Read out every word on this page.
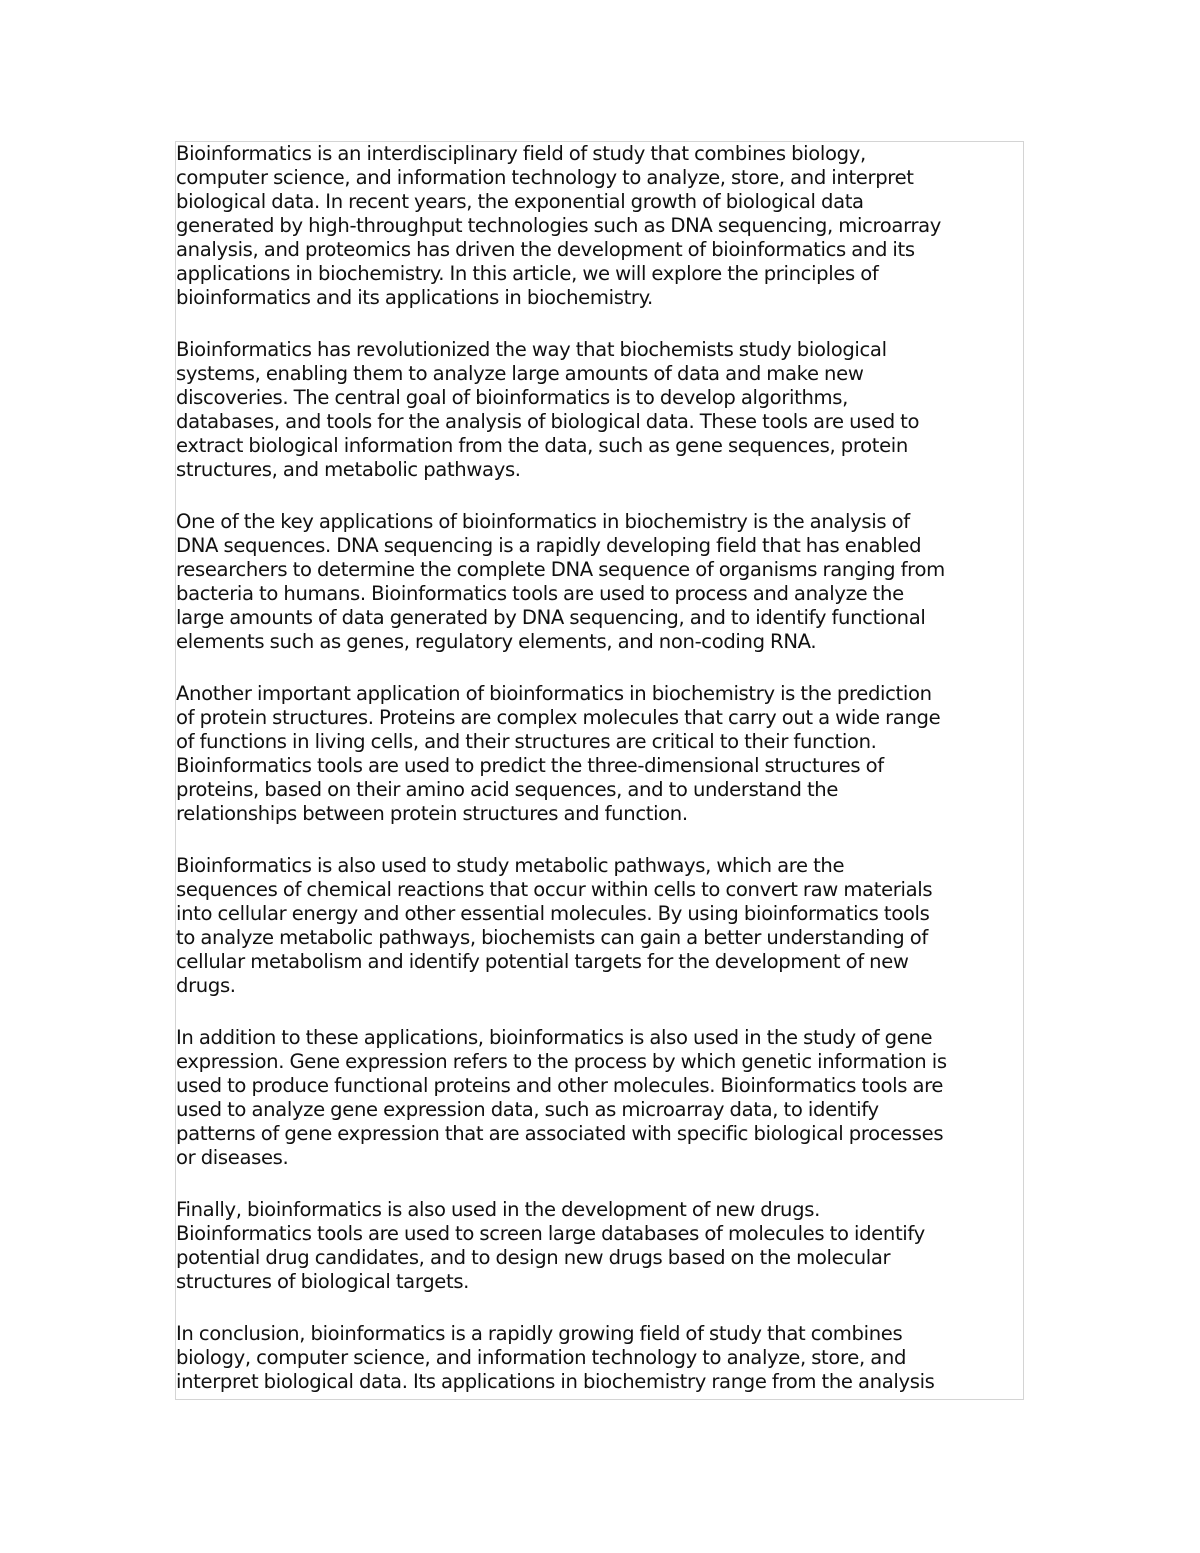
Bioinformatics is an interdisciplinary field of study that combines biology,
computer science, and information technology to analyze, store, and interpret
biological data. In recent years, the exponential growth of biological data
generated by high-throughput technologies such as DNA sequencing, microarray
analysis, and proteomics has driven the development of bioinformatics and its
applications in biochemistry. In this article, we will explore the principles of
bioinformatics and its applications in biochemistry.

Bioinformatics has revolutionized the way that biochemists study biological
systems, enabling them to analyze large amounts of data and make new
discoveries. The central goal of bioinformatics is to develop algorithms,
databases, and tools for the analysis of biological data. These tools are used to
extract biological information from the data, such as gene sequences, protein
structures, and metabolic pathways.

One of the key applications of bioinformatics in biochemistry is the analysis of
DNA sequences. DNA sequencing is a rapidly developing field that has enabled
researchers to determine the complete DNA sequence of organisms ranging from
bacteria to humans. Bioinformatics tools are used to process and analyze the
large amounts of data generated by DNA sequencing, and to identify functional
elements such as genes, regulatory elements, and non-coding RNA.

Another important application of bioinformatics in biochemistry is the prediction
of protein structures. Proteins are complex molecules that carry out a wide range
of functions in living cells, and their structures are critical to their function.
Bioinformatics tools are used to predict the three-dimensional structures of
proteins, based on their amino acid sequences, and to understand the
relationships between protein structures and function.

Bioinformatics is also used to study metabolic pathways, which are the
sequences of chemical reactions that occur within cells to convert raw materials
into cellular energy and other essential molecules. By using bioinformatics tools
to analyze metabolic pathways, biochemists can gain a better understanding of
cellular metabolism and identify potential targets for the development of new
drugs.

In addition to these applications, bioinformatics is also used in the study of gene
expression. Gene expression refers to the process by which genetic information is
used to produce functional proteins and other molecules. Bioinformatics tools are
used to analyze gene expression data, such as microarray data, to identify
patterns of gene expression that are associated with specific biological processes
or diseases.

Finally, bioinformatics is also used in the development of new drugs.
Bioinformatics tools are used to screen large databases of molecules to identify
potential drug candidates, and to design new drugs based on the molecular
structures of biological targets.

In conclusion, bioinformatics is a rapidly growing field of study that combines
biology, computer science, and information technology to analyze, store, and
interpret biological data. Its applications in biochemistry range from the analysis
